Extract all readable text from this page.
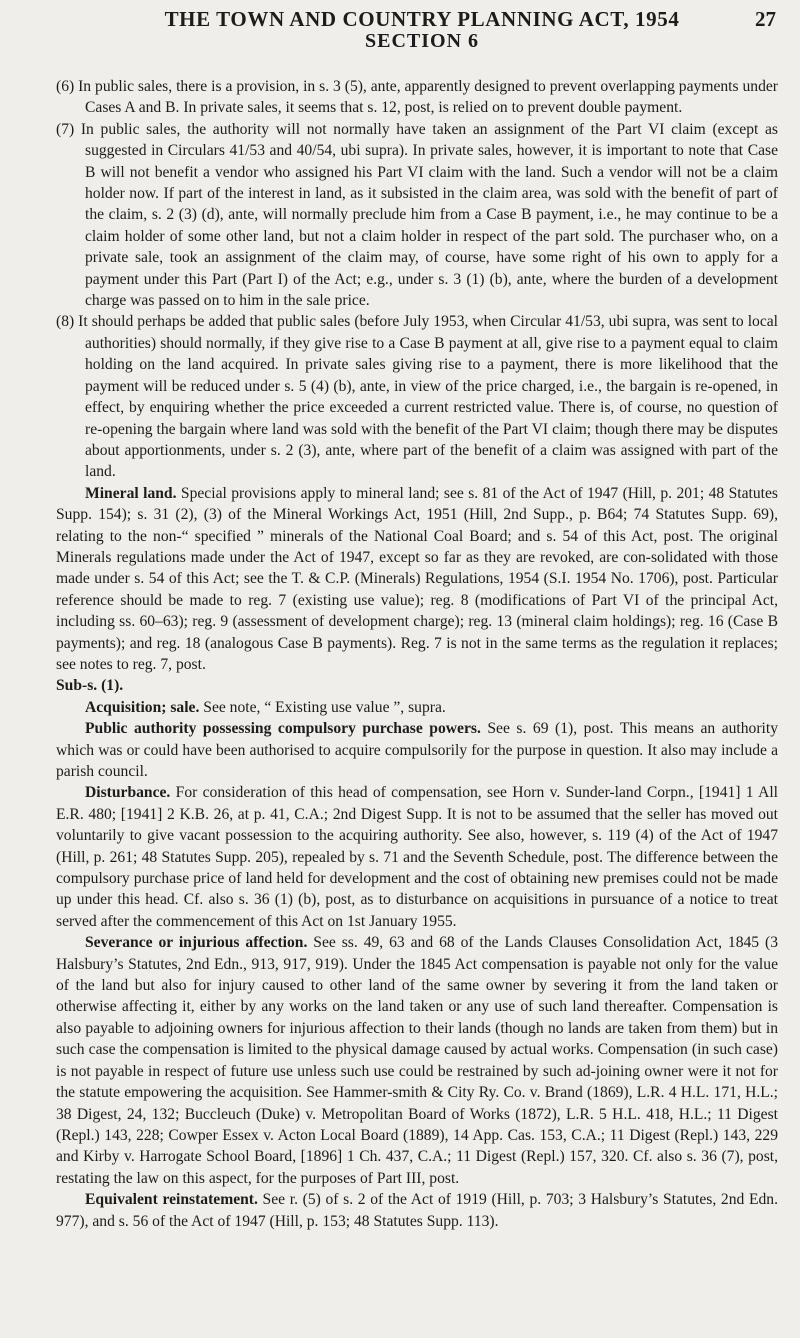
THE TOWN AND COUNTRY PLANNING ACT, 1954	27
SECTION 6

(6) In public sales, there is a provision, in s. 3 (5), ante, apparently designed to prevent overlapping payments under Cases A and B. In private sales, it seems that s. 12, post, is relied on to prevent double payment.

(7) In public sales, the authority will not normally have taken an assignment of the Part VI claim (except as suggested in Circulars 41/53 and 40/54, ubi supra). In private sales, however, it is important to note that Case B will not benefit a vendor who assigned his Part VI claim with the land. Such a vendor will not be a claim holder now. If part of the interest in land, as it subsisted in the claim area, was sold with the benefit of part of the claim, s. 2 (3) (d), ante, will normally preclude him from a Case B payment, i.e., he may continue to be a claim holder of some other land, but not a claim holder in respect of the part sold. The purchaser who, on a private sale, took an assignment of the claim may, of course, have some right of his own to apply for a payment under this Part (Part I) of the Act; e.g., under s. 3 (1) (b), ante, where the burden of a development charge was passed on to him in the sale price.

(8) It should perhaps be added that public sales (before July 1953, when Circular 41/53, ubi supra, was sent to local authorities) should normally, if they give rise to a Case B payment at all, give rise to a payment equal to claim holding on the land acquired. In private sales giving rise to a payment, there is more likelihood that the payment will be reduced under s. 5 (4) (b), ante, in view of the price charged, i.e., the bargain is re-opened, in effect, by enquiring whether the price exceeded a current restricted value. There is, of course, no question of re-opening the bargain where land was sold with the benefit of the Part VI claim; though there may be disputes about apportionments, under s. 2 (3), ante, where part of the benefit of a claim was assigned with part of the land.

Mineral land. Special provisions apply to mineral land; see s. 81 of the Act of 1947 (Hill, p. 201; 48 Statutes Supp. 154); s. 31 (2), (3) of the Mineral Workings Act, 1951 (Hill, 2nd Supp., p. B64; 74 Statutes Supp. 69), relating to the non-“ specified ” minerals of the National Coal Board; and s. 54 of this Act, post. The original Minerals regulations made under the Act of 1947, except so far as they are revoked, are con-solidated with those made under s. 54 of this Act; see the T. & C.P. (Minerals) Regulations, 1954 (S.I. 1954 No. 1706), post. Particular reference should be made to reg. 7 (existing use value); reg. 8 (modifications of Part VI of the principal Act, including ss. 60–63); reg. 9 (assessment of development charge); reg. 13 (mineral claim holdings); reg. 16 (Case B payments); and reg. 18 (analogous Case B payments). Reg. 7 is not in the same terms as the regulation it replaces; see notes to reg. 7, post.

Sub-s. (1).

Acquisition; sale. See note, “ Existing use value ”, supra.

Public authority possessing compulsory purchase powers. See s. 69 (1), post. This means an authority which was or could have been authorised to acquire compulsorily for the purpose in question. It also may include a parish council.

Disturbance. For consideration of this head of compensation, see Horn v. Sunder-land Corpn., [1941] 1 All E.R. 480; [1941] 2 K.B. 26, at p. 41, C.A.; 2nd Digest Supp. It is not to be assumed that the seller has moved out voluntarily to give vacant possession to the acquiring authority. See also, however, s. 119 (4) of the Act of 1947 (Hill, p. 261; 48 Statutes Supp. 205), repealed by s. 71 and the Seventh Schedule, post. The difference between the compulsory purchase price of land held for development and the cost of obtaining new premises could not be made up under this head. Cf. also s. 36 (1) (b), post, as to disturbance on acquisitions in pursuance of a notice to treat served after the commencement of this Act on 1st January 1955.

Severance or injurious affection. See ss. 49, 63 and 68 of the Lands Clauses Consolidation Act, 1845 (3 Halsbury’s Statutes, 2nd Edn., 913, 917, 919). Under the 1845 Act compensation is payable not only for the value of the land but also for injury caused to other land of the same owner by severing it from the land taken or otherwise affecting it, either by any works on the land taken or any use of such land thereafter. Compensation is also payable to adjoining owners for injurious affection to their lands (though no lands are taken from them) but in such case the compensation is limited to the physical damage caused by actual works. Compensation (in such case) is not payable in respect of future use unless such use could be restrained by such ad-joining owner were it not for the statute empowering the acquisition. See Hammer-smith & City Ry. Co. v. Brand (1869), L.R. 4 H.L. 171, H.L.; 38 Digest, 24, 132; Buccleuch (Duke) v. Metropolitan Board of Works (1872), L.R. 5 H.L. 418, H.L.; 11 Digest (Repl.) 143, 228; Cowper Essex v. Acton Local Board (1889), 14 App. Cas. 153, C.A.; 11 Digest (Repl.) 143, 229 and Kirby v. Harrogate School Board, [1896] 1 Ch. 437, C.A.; 11 Digest (Repl.) 157, 320. Cf. also s. 36 (7), post, restating the law on this aspect, for the purposes of Part III, post.

Equivalent reinstatement. See r. (5) of s. 2 of the Act of 1919 (Hill, p. 703; 3 Halsbury’s Statutes, 2nd Edn. 977), and s. 56 of the Act of 1947 (Hill, p. 153; 48 Statutes Supp. 113).
